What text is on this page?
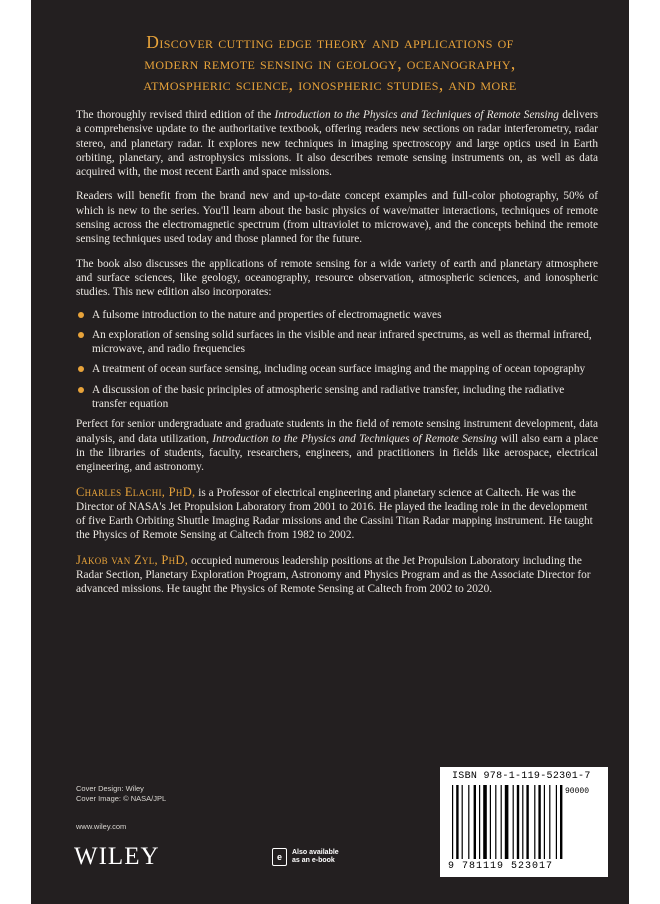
Discover cutting edge theory and applications of
modern remote sensing in geology, oceanography,
atmospheric science, ionospheric studies, and more

The thoroughly revised third edition of the Introduction to the Physics and Techniques of Remote Sensing delivers a comprehensive update to the authoritative textbook, offering readers new sections on radar interferometry, radar stereo, and planetary radar. It explores new techniques in imaging spectroscopy and large optics used in Earth orbiting, planetary, and astrophysics missions. It also describes remote sensing instruments on, as well as data acquired with, the most recent Earth and space missions.

Readers will benefit from the brand new and up-to-date concept examples and full-color photography, 50% of which is new to the series. You'll learn about the basic physics of wave/matter interactions, techniques of remote sensing across the electromagnetic spectrum (from ultraviolet to microwave), and the concepts behind the remote sensing techniques used today and those planned for the future.

The book also discusses the applications of remote sensing for a wide variety of earth and planetary atmosphere and surface sciences, like geology, oceanography, resource observation, atmospheric sciences, and ionospheric studies. This new edition also incorporates:

A fulsome introduction to the nature and properties of electromagnetic waves
An exploration of sensing solid surfaces in the visible and near infrared spectrums, as well as thermal infrared, microwave, and radio frequencies
A treatment of ocean surface sensing, including ocean surface imaging and the mapping of ocean topography
A discussion of the basic principles of atmospheric sensing and radiative transfer, including the radiative transfer equation

Perfect for senior undergraduate and graduate students in the field of remote sensing instrument development, data analysis, and data utilization, Introduction to the Physics and Techniques of Remote Sensing will also earn a place in the libraries of students, faculty, researchers, engineers, and practitioners in fields like aerospace, electrical engineering, and astronomy.

Charles Elachi, PhD, is a Professor of electrical engineering and planetary science at Caltech. He was the Director of NASA's Jet Propulsion Laboratory from 2001 to 2016. He played the leading role in the development of five Earth Orbiting Shuttle Imaging Radar missions and the Cassini Titan Radar mapping instrument. He taught the Physics of Remote Sensing at Caltech from 1982 to 2002.

Jakob van Zyl, PhD, occupied numerous leadership positions at the Jet Propulsion Laboratory including the Radar Section, Planetary Exploration Program, Astronomy and Physics Program and as the Associate Director for advanced missions. He taught the Physics of Remote Sensing at Caltech from 2002 to 2020.

Cover Design: Wiley
Cover Image: © NASA/JPL
www.wiley.com
WILEY	e Also available
as an e-book
ISBN 978-1-119-52301-7
90000
9 781119 523017
